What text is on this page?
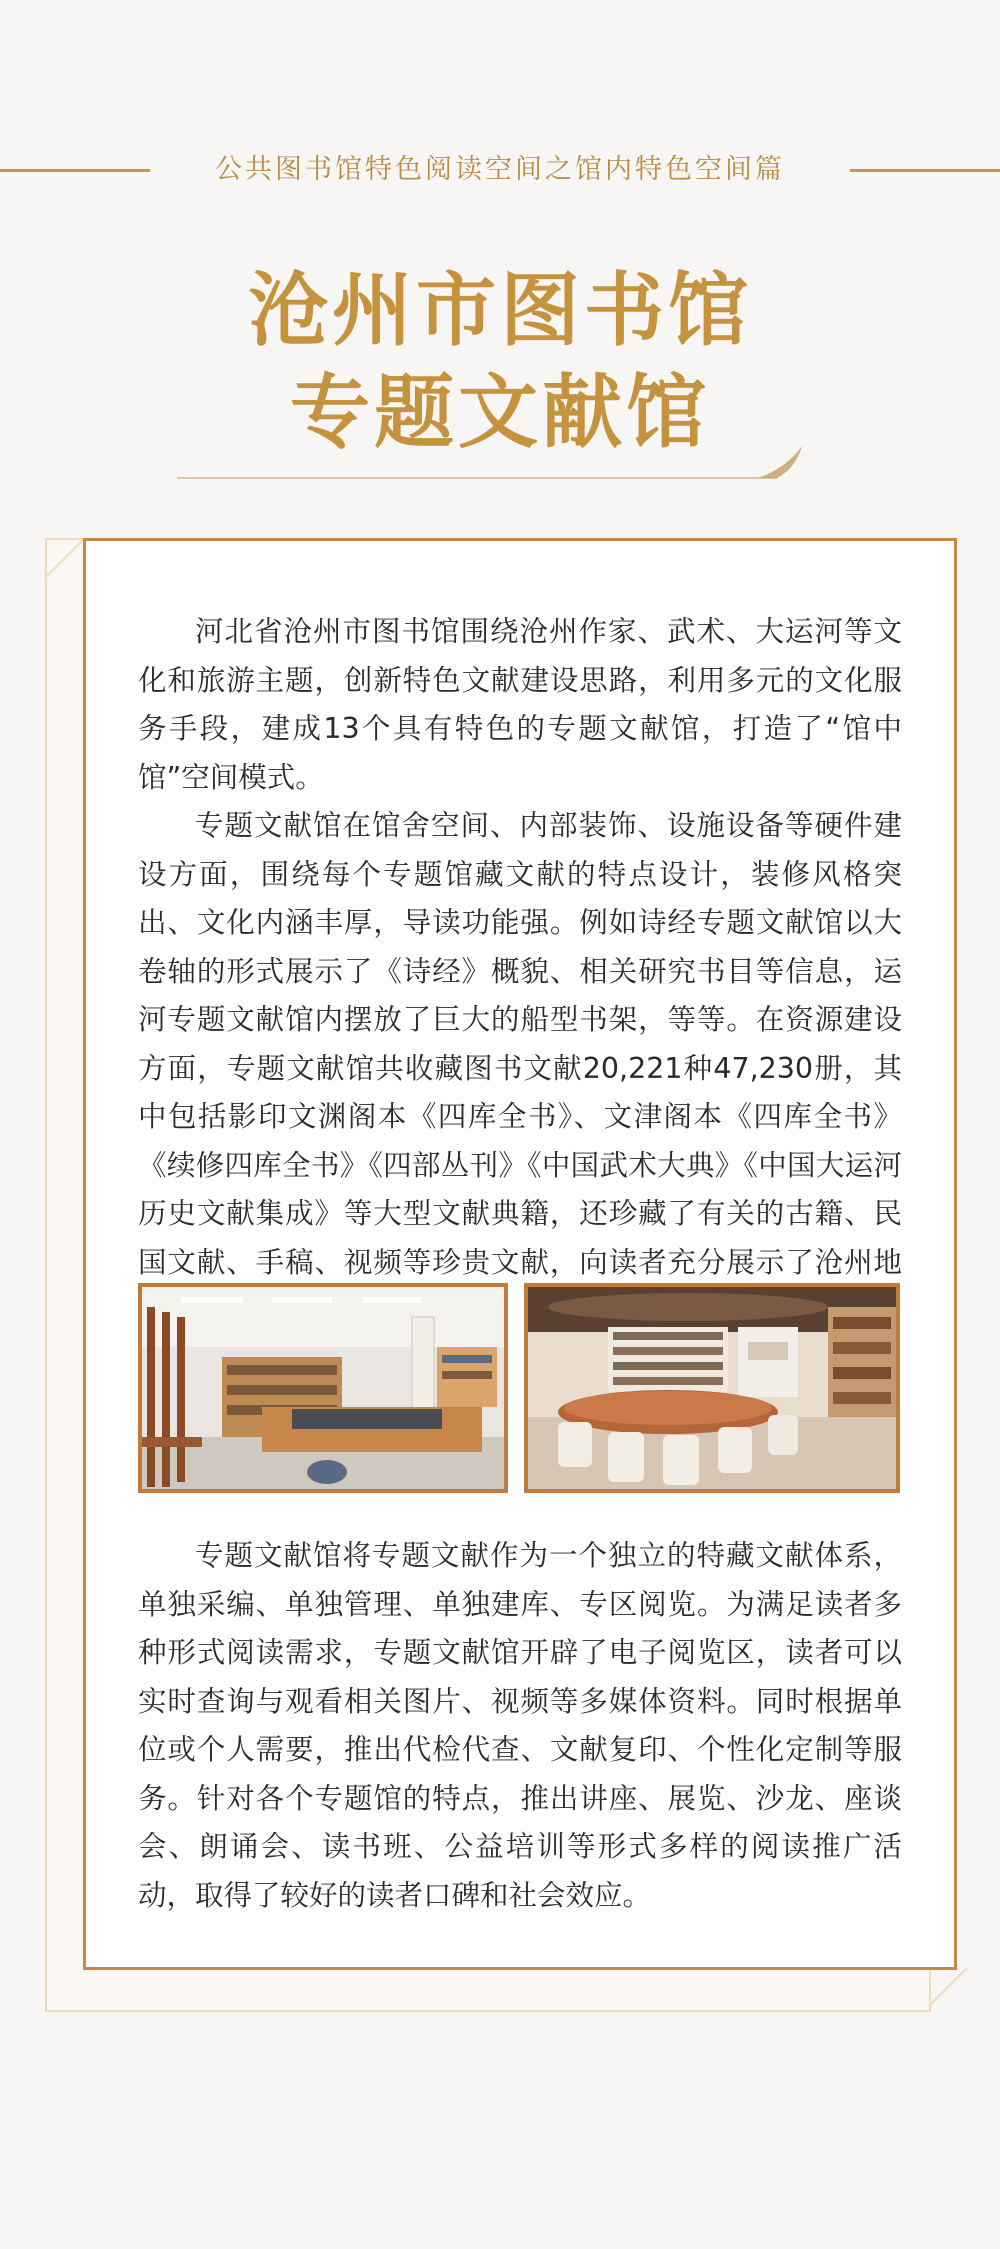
公共图书馆特色阅读空间之馆内特色空间篇
沧州市图书馆
专题文献馆

河北省沧州市图书馆围绕沧州作家、武术、大运河等文化和旅游主题，创新特色文献建设思路，利用多元的文化服务手段，建成13个具有特色的专题文献馆，打造了“馆中馆”空间模式。

专题文献馆在馆舍空间、内部装饰、设施设备等硬件建设方面，围绕每个专题馆藏文献的特点设计，装修风格突出、文化内涵丰厚，导读功能强。例如诗经专题文献馆以大卷轴的形式展示了《诗经》概貌、相关研究书目等信息，运河专题文献馆内摆放了巨大的船型书架，等等。在资源建设方面，专题文献馆共收藏图书文献20,221种47,230册，其中包括影印文渊阁本《四库全书》、文津阁本《四库全书》《续修四库全书》《四部丛刊》《中国武术大典》《中国大运河历史文献集成》等大型文献典籍，还珍藏了有关的古籍、民国文献、手稿、视频等珍贵文献，向读者充分展示了沧州地

专题文献馆将专题文献作为一个独立的特藏文献体系，单独采编、单独管理、单独建库、专区阅览。为满足读者多种形式阅读需求，专题文献馆开辟了电子阅览区，读者可以实时查询与观看相关图片、视频等多媒体资料。同时根据单位或个人需要，推出代检代查、文献复印、个性化定制等服务。针对各个专题馆的特点，推出讲座、展览、沙龙、座谈会、朗诵会、读书班、公益培训等形式多样的阅读推广活动，取得了较好的读者口碑和社会效应。
